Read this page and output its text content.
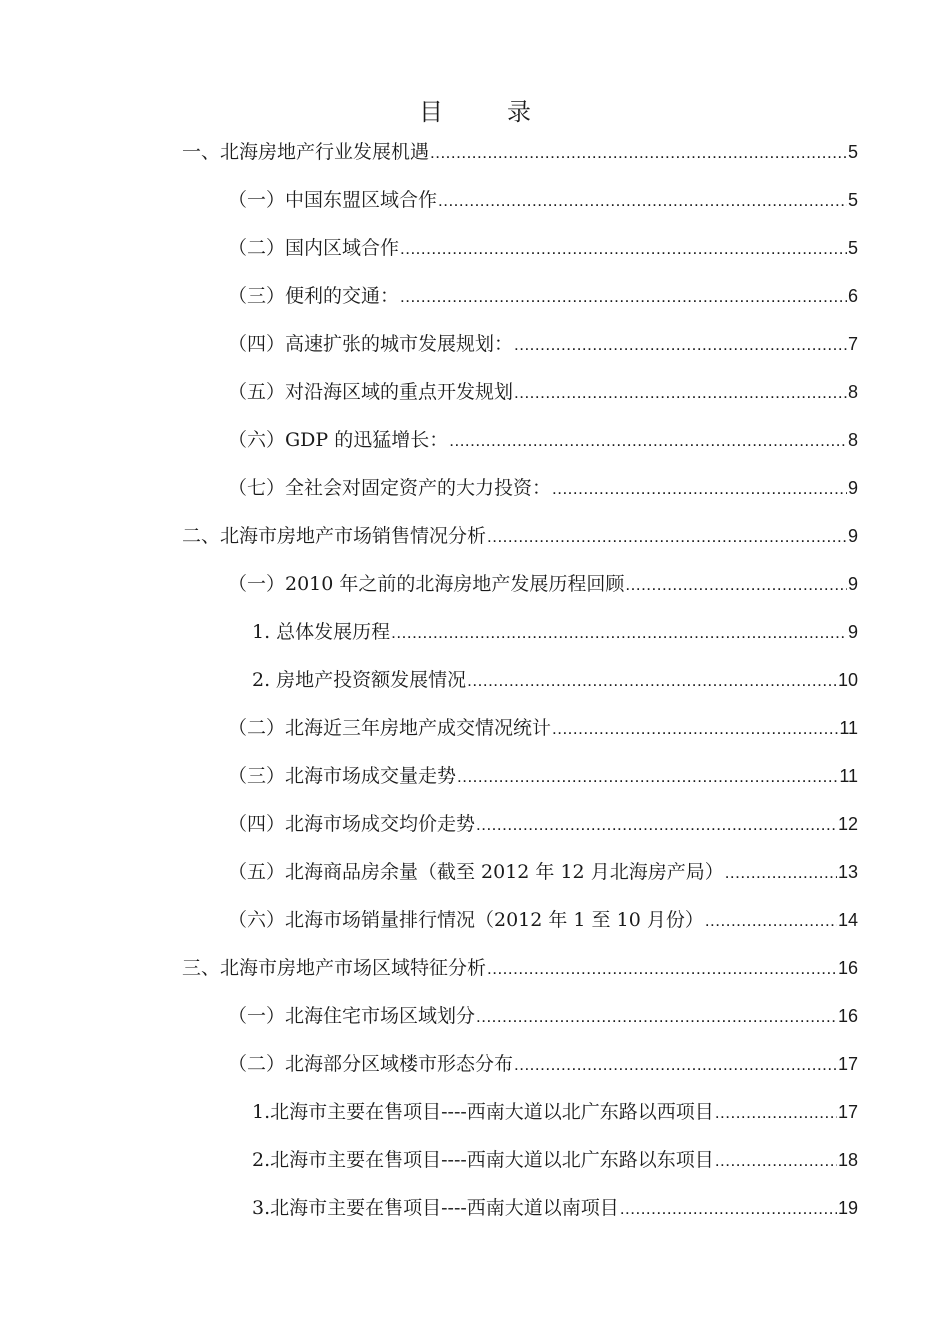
目　录
一、北海房地产行业发展机遇 .....	5
（一）中国东盟区域合作 .....	5
（二）国内区域合作 .....	5
（三）便利的交通： .....	6
（四）高速扩张的城市发展规划： .....	7
（五）对沿海区域的重点开发规划 .....	8
（六）GDP 的迅猛增长： .....	8
（七）全社会对固定资产的大力投资： .....	9
二、北海市房地产市场销售情况分析 .....	9
（一）2010 年之前的北海房地产发展历程回顾 .....	9
1. 总体发展历程 .....	9
2. 房地产投资额发展情况 .....	10
（二）北海近三年房地产成交情况统计 .....	11
（三）北海市场成交量走势 .....	11
（四）北海市场成交均价走势 .....	12
（五）北海商品房余量（截至 2012 年 12 月北海房产局） .....	13
（六）北海市场销量排行情况（2012 年 1 至 10 月份） .....	14
三、北海市房地产市场区域特征分析 .....	16
（一）北海住宅市场区域划分 .....	16
（二）北海部分区域楼市形态分布 .....	17
1.北海市主要在售项目----西南大道以北广东路以西项目 .....	17
2.北海市主要在售项目----西南大道以北广东路以东项目 .....	18
3.北海市主要在售项目----西南大道以南项目 .....	19
